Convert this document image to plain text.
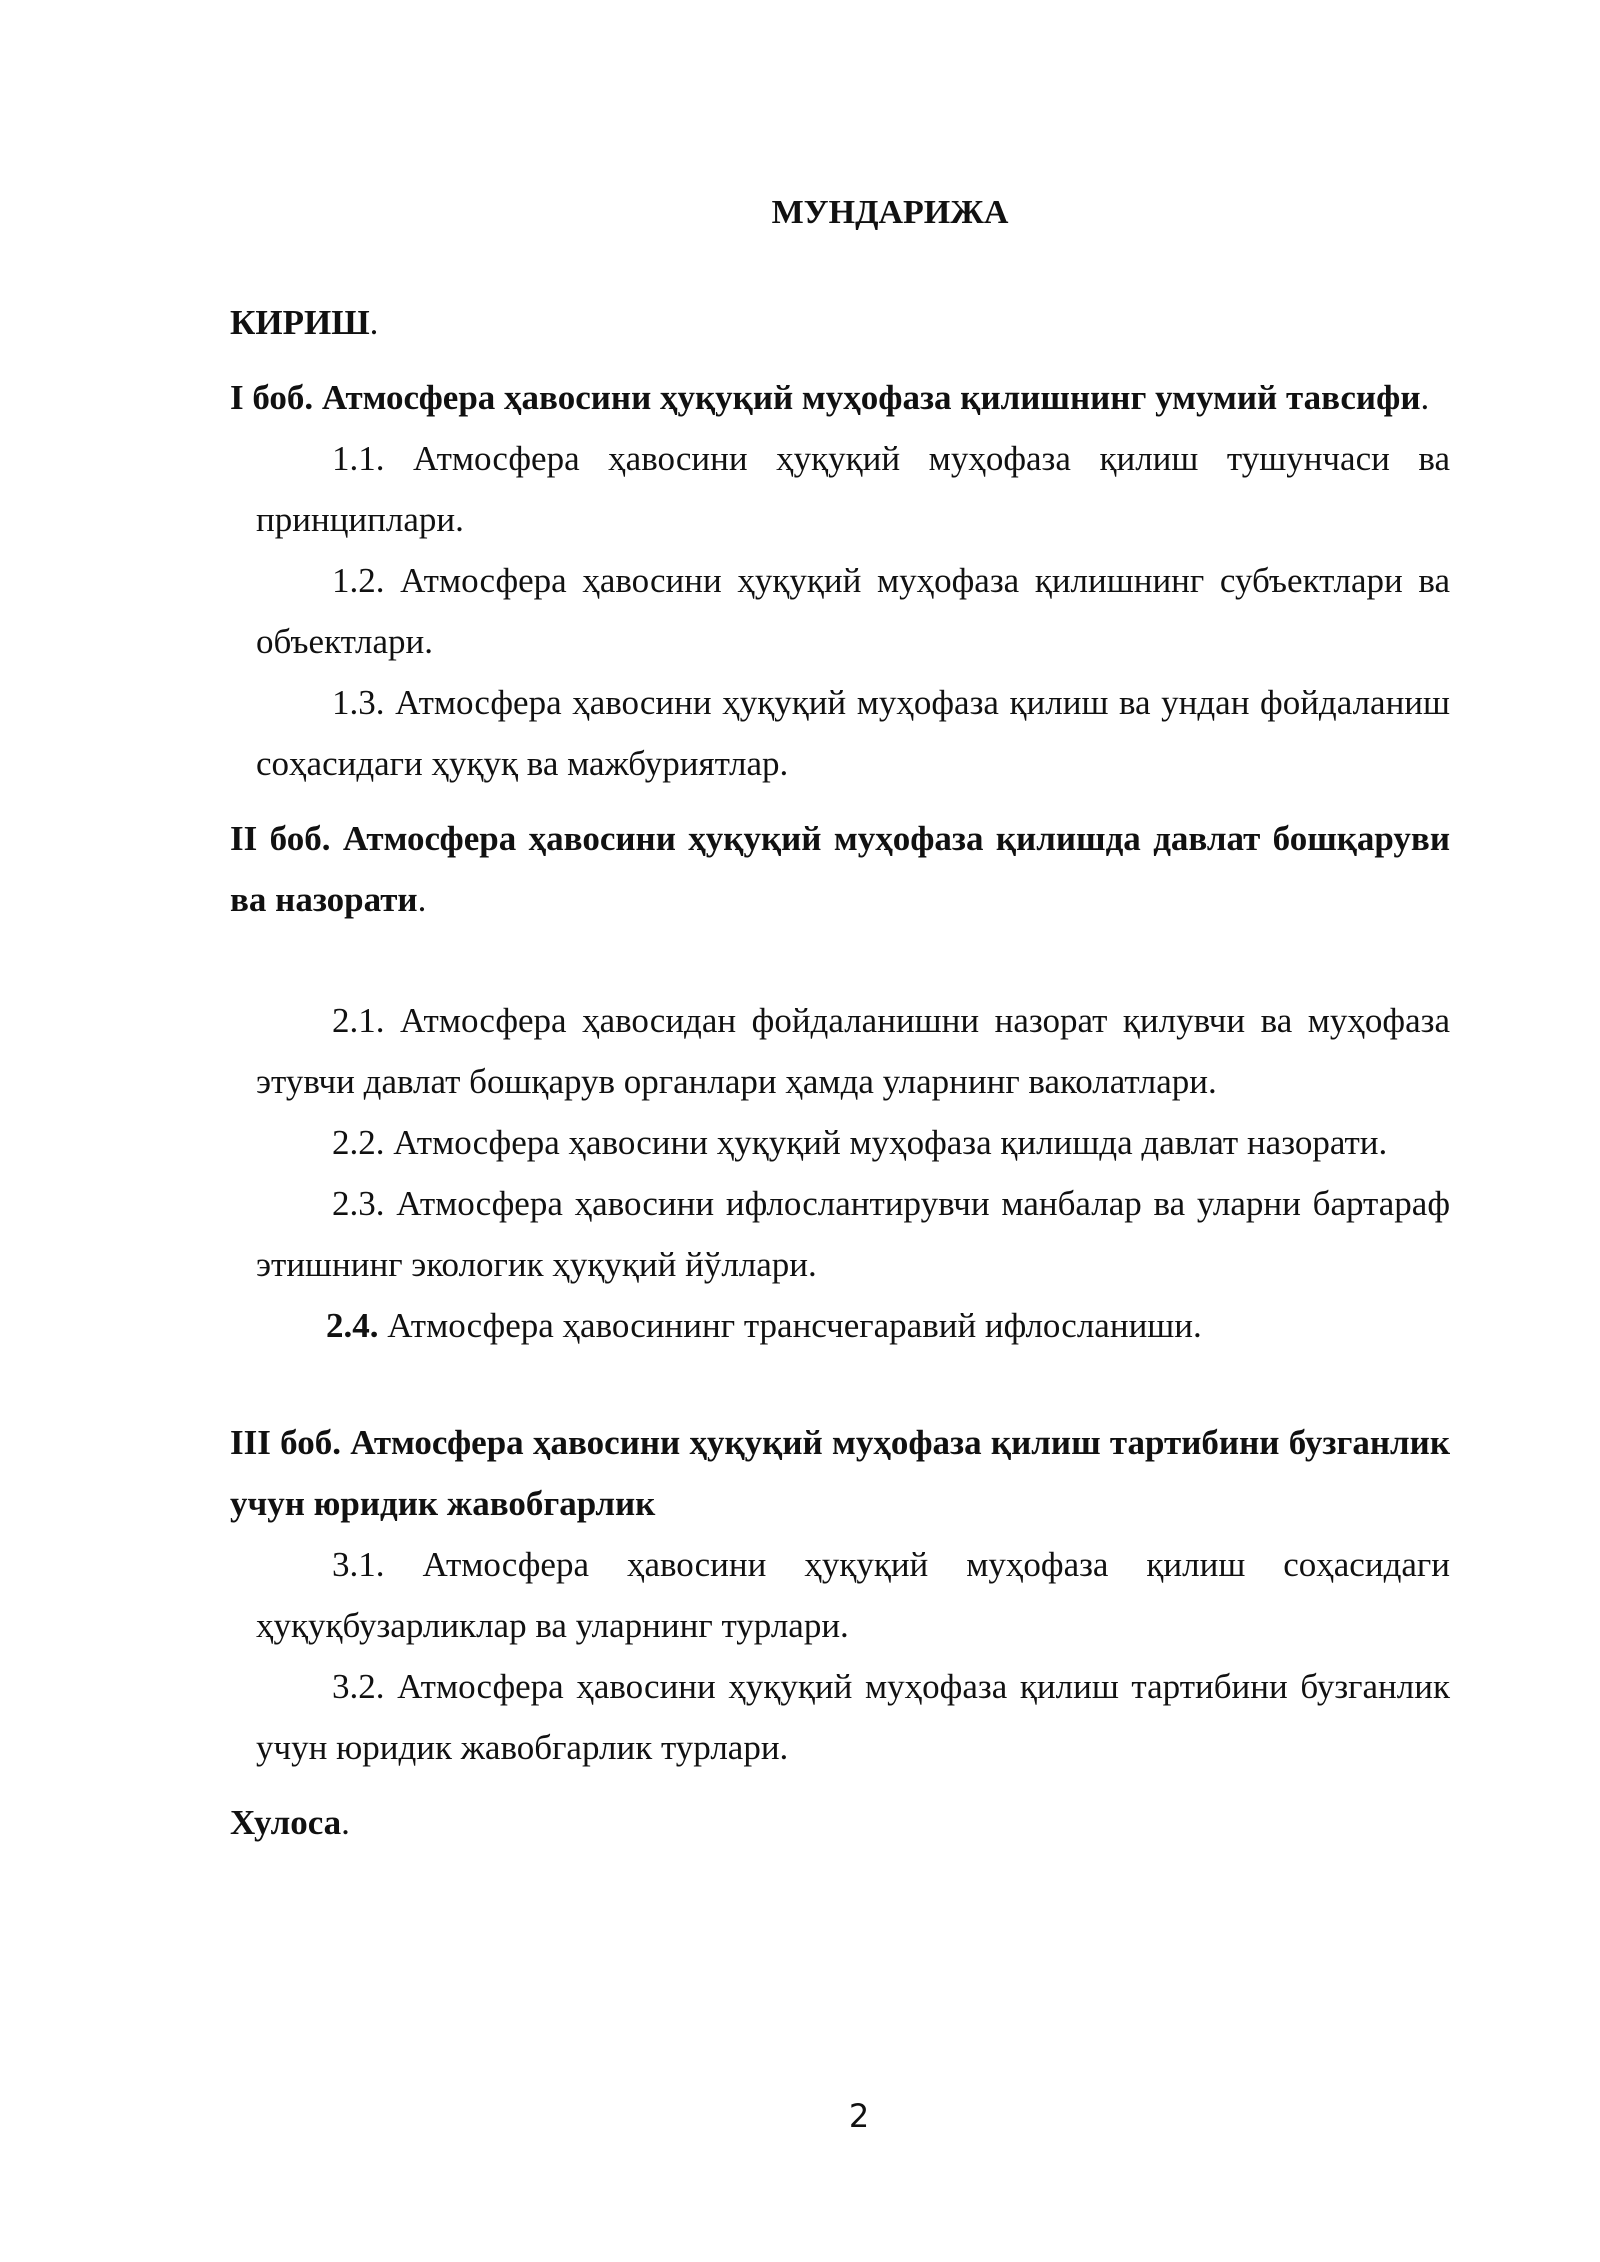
МУНДАРИЖА
КИРИШ.
I боб. Атмосфера ҳавосини ҳуқуқий муҳофаза қилишнинг умумий тавсифи.
1.1. Атмосфера ҳавосини ҳуқуқий муҳофаза қилиш тушунчаси ва принциплари.
1.2. Атмосфера ҳавосини ҳуқуқий муҳофаза қилишнинг субъектлари ва объектлари.
1.3. Атмосфера ҳавосини ҳуқуқий муҳофаза қилиш ва ундан фойдаланиш соҳасидаги ҳуқуқ ва мажбуриятлар.
II боб. Атмосфера ҳавосини ҳуқуқий муҳофаза қилишда давлат бошқаруви ва назорати.
2.1. Атмосфера ҳавосидан фойдаланишни назорат қилувчи ва муҳофаза этувчи давлат бошқарув органлари ҳамда уларнинг ваколатлари.
2.2. Атмосфера ҳавосини ҳуқуқий муҳофаза қилишда давлат назорати.
2.3. Атмосфера ҳавосини ифлослантирувчи манбалар ва уларни бартараф этишнинг экологик ҳуқуқий йўллари.
2.4. Атмосфера ҳавосининг трансчегаравий ифлосланиши.
III боб. Атмосфера ҳавосини ҳуқуқий муҳофаза қилиш тартибини бузганлик учун юридик жавобгарлик
3.1. Атмосфера ҳавосини ҳуқуқий муҳофаза қилиш соҳасидаги ҳуқуқбузарликлар ва уларнинг турлари.
3.2. Атмосфера ҳавосини ҳуқуқий муҳофаза қилиш тартибини бузганлик учун юридик жавобгарлик турлари.
Хулоса.
2
